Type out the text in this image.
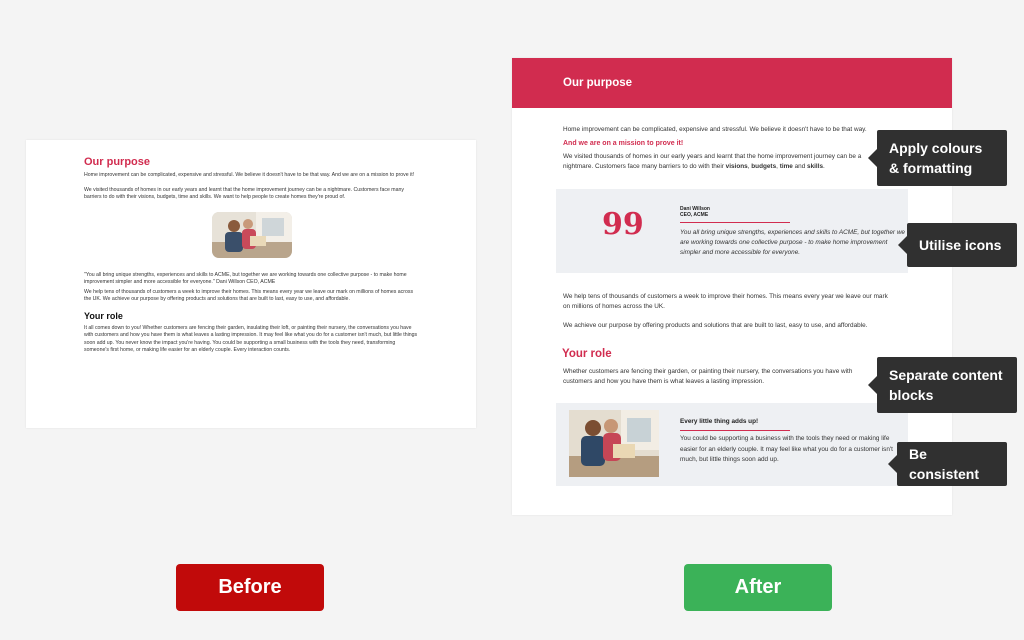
Our purpose
Home improvement can be complicated, expensive and stressful. We believe it doesn't have to be that way. And we are on a mission to prove it!
We visited thousands of homes in our early years and learnt that the home improvement journey can be a nightmare. Customers face many barriers to do with their visions, budgets, time and skills. We want to help people to create homes they're proud of.
"You all bring unique strengths, experiences and skills to ACME, but together we are working towards one collective purpose - to make home improvement simpler and more accessible for everyone." Dani Willson CEO, ACME
We help tens of thousands of customers a week to improve their homes. This means every year we leave our mark on millions of homes across the UK. We achieve our purpose by offering products and solutions that are built to last, easy to use, and affordable.
Your role
It all comes down to you! Whether customers are fencing their garden, insulating their loft, or painting their nursery, the conversations you have with customers and how you have them is what leaves a lasting impression. It may feel like what you do for a customer isn't much, but little things soon add up. You never know the impact you're having. You could be supporting a small business with the tools they need, transforming someone's first home, or making life easier for an elderly couple. Every interaction counts.
Our purpose
Home improvement can be complicated, expensive and stressful. We believe it doesn't have to be that way.
And we are on a mission to prove it!
We visited thousands of homes in our early years and learnt that the home improvement journey can be a nightmare. Customers face many barriers to do with their visions, budgets, time and skills.
99	Dani Willson
CEO, ACME
You all bring unique strengths, experiences and skills to ACME, but together we are working towards one collective purpose - to make home improvement simpler and more accessible for everyone.
We help tens of thousands of customers a week to improve their homes. This means every year we leave our mark on millions of homes across the UK.
We achieve our purpose by offering products and solutions that are built to last, easy to use, and affordable.
Your role
Whether customers are fencing their garden, or painting their nursery, the conversations you have with customers and how you have them is what leaves a lasting impression.
Every little thing adds up!
You could be supporting a business with the tools they need or making life easier for an elderly couple. It may feel like what you do for a customer isn't much, but little things soon add up.
Apply colours & formatting
Utilise icons
Separate content blocks
Be consistent
Before	After
